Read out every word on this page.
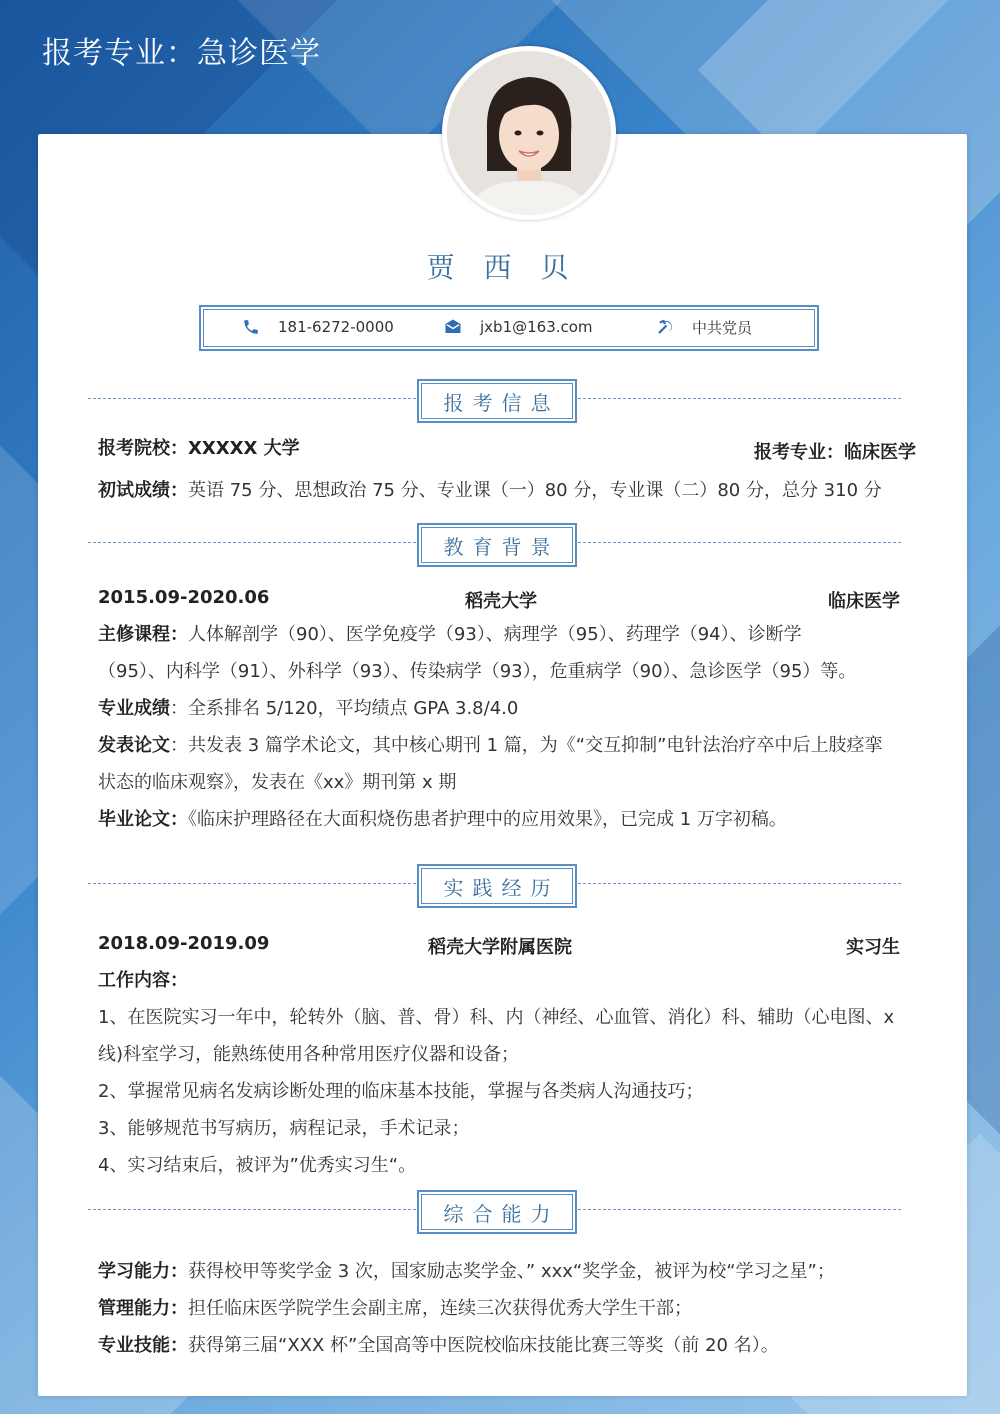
报考专业：急诊医学
贾 西 贝
181-6272-0000	jxb1@163.com	中共党员
报考信息
报考院校：XXXXX 大学	报考专业：临床医学
初试成绩：英语 75 分、思想政治 75 分、专业课（一）80 分，专业课（二）80 分，总分 310 分
教育背景
2015.09-2020.06	稻壳大学	临床医学
主修课程：人体解剖学（90）、医学免疫学（93）、病理学（95）、药理学（94）、诊断学
（95）、内科学（91）、外科学（93）、传染病学（93），危重病学（90）、急诊医学（95）等。
专业成绩：全系排名 5/120，平均绩点 GPA 3.8/4.0
发表论文：共发表 3 篇学术论文，其中核心期刊 1 篇，为《“交互抑制”电针法治疗卒中后上肢痉挛
状态的临床观察》，发表在《xx》期刊第 x 期
毕业论文：《临床护理路径在大面积烧伤患者护理中的应用效果》，已完成 1 万字初稿。
实践经历
2018.09-2019.09	稻壳大学附属医院	实习生
工作内容：
1、在医院实习一年中，轮转外（脑、普、骨）科、内（神经、心血管、消化）科、辅助（心电图、x
线)科室学习，能熟练使用各种常用医疗仪器和设备；
2、掌握常见病名发病诊断处理的临床基本技能，掌握与各类病人沟通技巧；
3、能够规范书写病历，病程记录，手术记录；
4、实习结束后，被评为”优秀实习生“。
综合能力
学习能力：获得校甲等奖学金 3 次，国家励志奖学金、” xxx“奖学金，被评为校“学习之星”；
管理能力：担任临床医学院学生会副主席，连续三次获得优秀大学生干部；
专业技能：获得第三届“XXX 杯”全国高等中医院校临床技能比赛三等奖（前 20 名）。
